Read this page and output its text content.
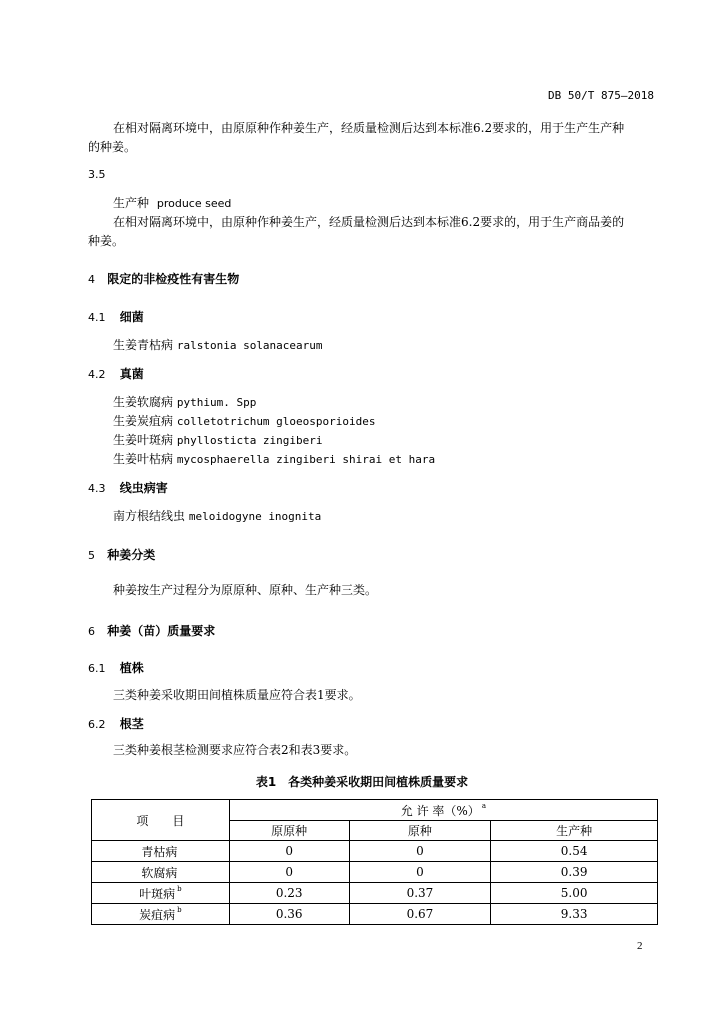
DB 50/T 875—2018
在相对隔离环境中，由原原种作种姜生产，经质量检测后达到本标准6.2要求的，用于生产生产种
的种姜。
3.5
生产种 produce seed
在相对隔离环境中，由原种作种姜生产，经质量检测后达到本标准6.2要求的，用于生产商品姜的
种姜。
4 限定的非检疫性有害生物
4.1 细菌
生姜青枯病 ralstonia solanacearum
4.2 真菌
生姜软腐病 pythium. Spp
生姜炭疽病 colletotrichum gloeosporioides
生姜叶斑病 phyllosticta zingiberi
生姜叶枯病 mycosphaerella zingiberi shirai et hara
4.3 线虫病害
南方根结线虫 meloidogyne inognita
5 种姜分类
种姜按生产过程分为原原种、原种、生产种三类。
6 种姜（苗）质量要求
6.1 植株
三类种姜采收期田间植株质量应符合表1要求。
6.2 根茎
三类种姜根茎检测要求应符合表2和表3要求。
表1　各类种姜采收期田间植株质量要求
项　　目	允 许 率（%） $^a$
	原原种	原种	生产种
青枯病	0	0	0.54
软腐病	0	0	0.39
叶斑病 $^b$	0.23	0.37	5.00
炭疽病 $^b$	0.36	0.67	9.33
2
